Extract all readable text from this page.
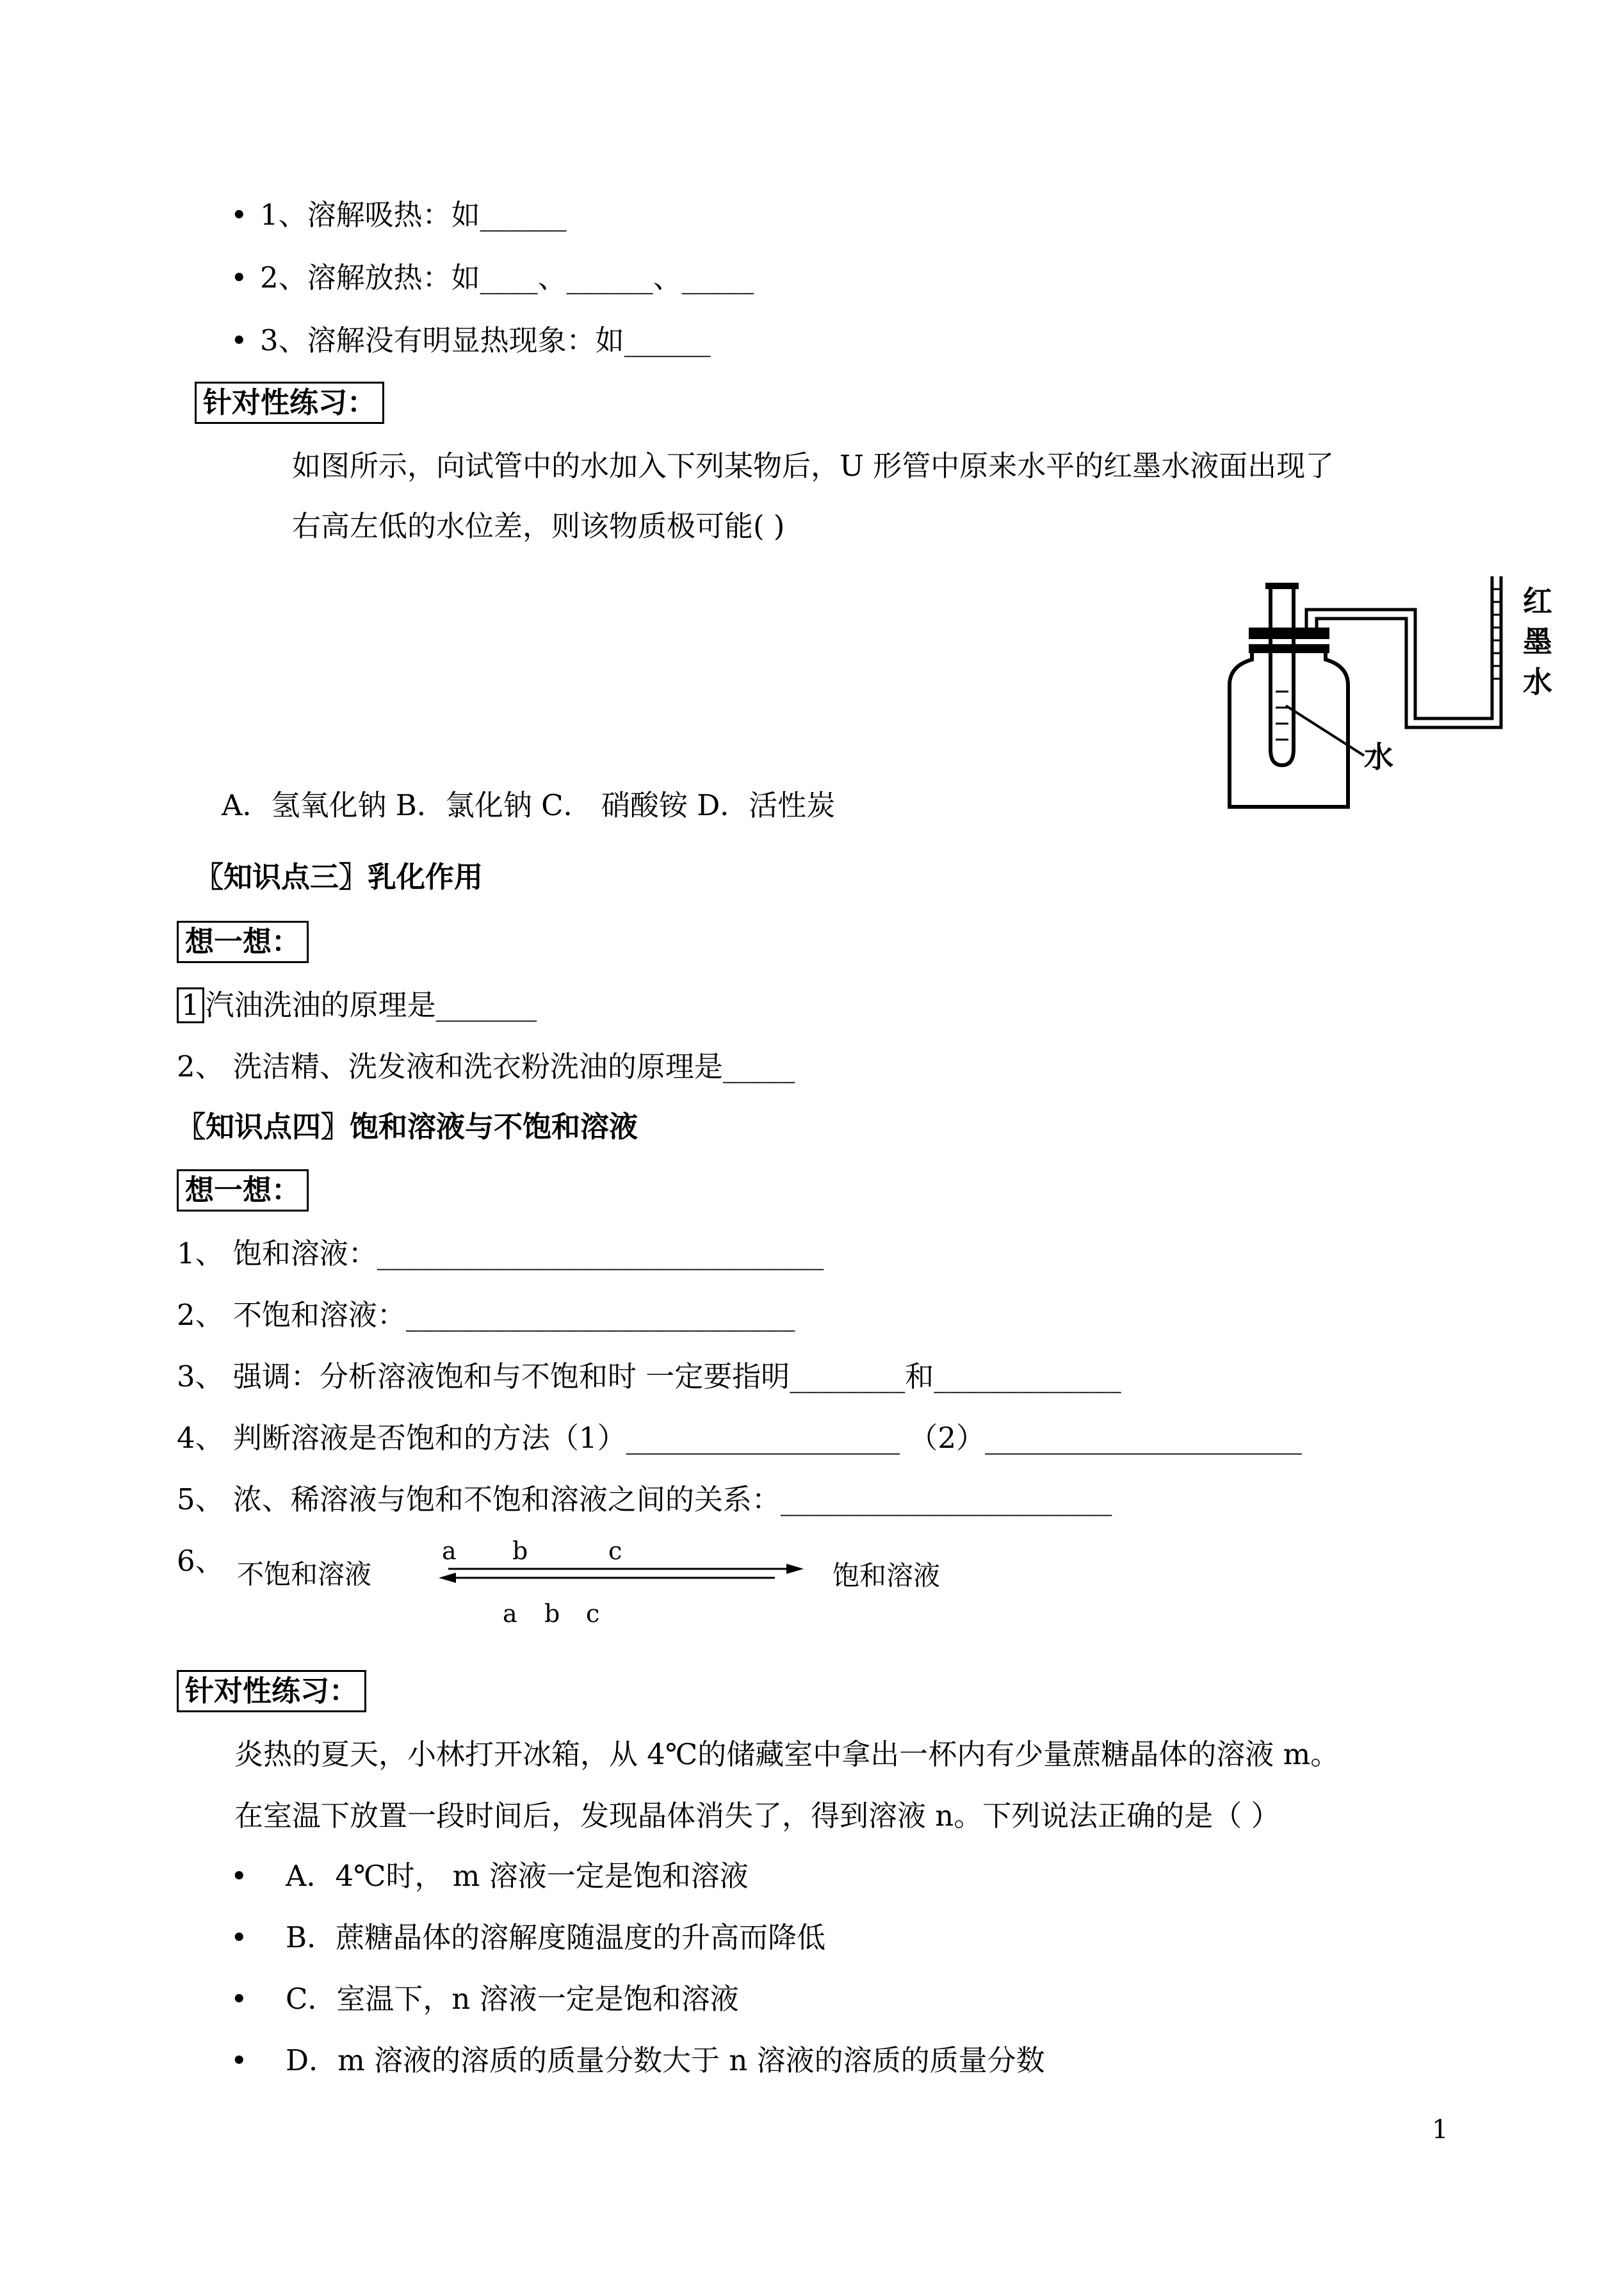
• 1、溶解吸热：如______
• 2、溶解放热：如____、______、_____
• 3、溶解没有明显热现象：如______
针对性练习：
如图所示，向试管中的水加入下列某物后，U 形管中原来水平的红墨水液面出现了
右高左低的水位差，则该物质极可能( )
水
红
墨
水
A．氢氧化钠 B．氯化钠 C． 硝酸铵 D．活性炭
〖知识点三〗乳化作用
想一想：
1 汽油洗油的原理是_______
2、 洗洁精、洗发液和洗衣粉洗油的原理是_____
〖知识点四〗饱和溶液与不饱和溶液
想一想：
1、 饱和溶液：_______________________________
2、 不饱和溶液：___________________________
3、 强调：分析溶液饱和与不饱和时 一定要指明________和_____________
4、 判断溶液是否饱和的方法（1）___________________ （2）______________________
5、 浓、稀溶液与饱和不饱和溶液之间的关系：_______________________
6、 不饱和溶液	饱和溶液
a b	c
a b c
针对性练习：
炎热的夏天，小林打开冰箱，从 4℃的储藏室中拿出一杯内有少量蔗糖晶体的溶液 m。
在室温下放置一段时间后，发现晶体消失了，得到溶液 n。下列说法正确的是（ ）
• A．4℃时， m 溶液一定是饱和溶液
• B．蔗糖晶体的溶解度随温度的升高而降低
• C．室温下，n 溶液一定是饱和溶液
• D．m 溶液的溶质的质量分数大于 n 溶液的溶质的质量分数
1
